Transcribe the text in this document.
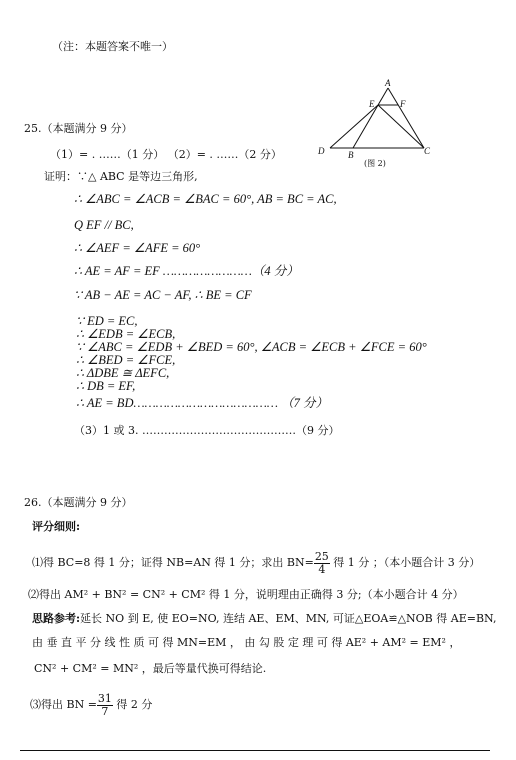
（注：本题答案不唯一）
25.（本题满分 9 分）
（1）= . ……（1 分） （2）= . ……（2 分）
证明：∵△ ABC 是等边三角形,
∴ ∠ABC = ∠ACB = ∠BAC = 60°, AB = BC = AC,
Q EF // BC,
∴ ∠AEF = ∠AFE = 60°
∴ AE = AF = EF ……………………（4 分）
∵ AB − AE = AC − AF, ∴ BE = CF
∵ ED = EC,
∴ ∠EDB = ∠ECB,
∵ ∠ABC = ∠EDB + ∠BED = 60°, ∠ACB = ∠ECB + ∠FCE = 60°
∴ ∠BED = ∠FCE,
∴ ΔDBE ≅ ΔEFC,
∴ DB = EF,
∴ AE = BD………………………………… （7 分）
（3）1 或 3. ……………………………………（9 分）
A
E	F
D	B	C
(图 2)
26.（本题满分 9 分）
评分细则:
⑴得 BC=8 得 1 分；证得 NB=AN 得 1 分；求出 $BN= \frac{25}{4}$ 得 1 分 ；（本小题合计 3 分）
⑵得出 AM² + BN² = CN² + CM² 得 1 分，说明理由正确得 3 分;（本小题合计 4 分）
思路参考:延长 NO 到 E, 使 EO=NO, 连结 AE、EM、MN, 可证△EOA≌△NOB 得 AE=BN,
由 垂 直 平 分 线 性 质 可 得 MN=EM ， 由 勾 股 定 理 可 得 AE² + AM² = EM² ，
CN² + CM² = MN² ，最后等量代换可得结论.
⑶得出 BN = $\frac{31}{7}$ 得 2 分
